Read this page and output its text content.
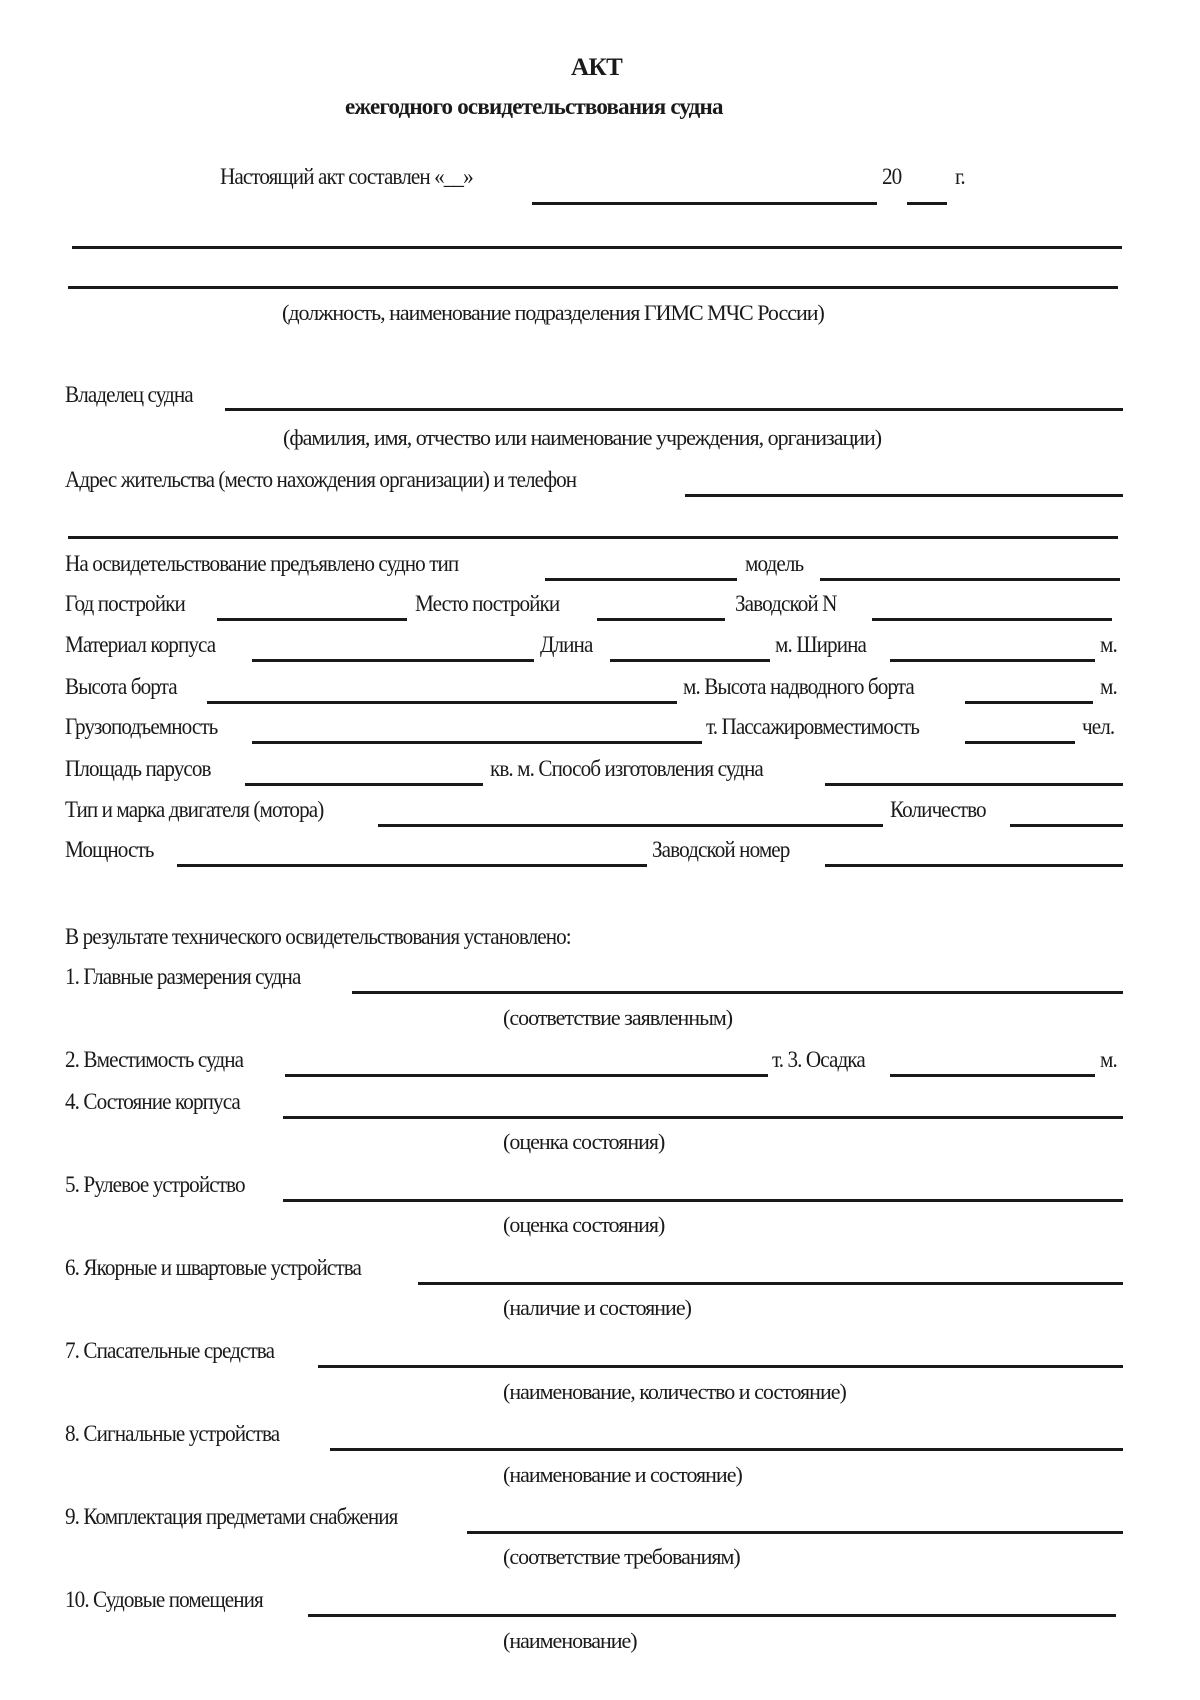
АКТ
ежегодного освидетельствования судна
Настоящий акт составлен «__»	20 г.
(должность, наименование подразделения ГИМС МЧС России)
Владелец судна
(фамилия, имя, отчество или наименование учреждения, организации)
Адрес жительства (место нахождения организации) и телефон
На освидетельствование предъявлено судно тип	модель
Год постройки	Место постройки	Заводской N
Материал корпуса	Длина	м. Ширина	м.
Высота борта	м. Высота надводного борта	м.
Грузоподъемность	т. Пассажировместимость	чел.
Площадь парусов	кв. м. Способ изготовления судна
Тип и марка двигателя (мотора)	Количество
Мощность	Заводской номер
В результате технического освидетельствования установлено:
1. Главные размерения судна
(соответствие заявленным)
2. Вместимость судна	т. 3. Осадка	м.
4. Состояние корпуса
(оценка состояния)
5. Рулевое устройство
(оценка состояния)
6. Якорные и швартовые устройства
(наличие и состояние)
7. Спасательные средства
(наименование, количество и состояние)
8. Сигнальные устройства
(наименование и состояние)
9. Комплектация предметами снабжения
(соответствие требованиям)
10. Судовые помещения
(наименование)
